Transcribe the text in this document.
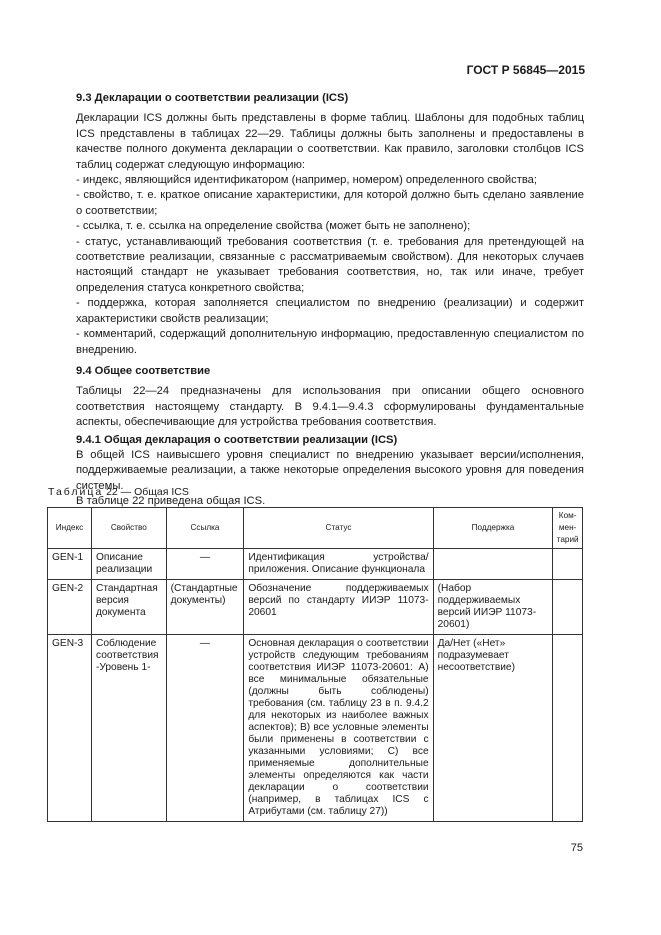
ГОСТ Р 56845—2015
9.3 Декларации о соответствии реализации (ICS)
Декларации ICS должны быть представлены в форме таблиц. Шаблоны для подобных таблиц ICS представлены в таблицах 22—29. Таблицы должны быть заполнены и предоставлены в качестве полного документа декларации о соответствии. Как правило, заголовки столбцов ICS таблиц содержат следующую информацию:
- индекс, являющийся идентификатором (например, номером) определенного свойства;
- свойство, т. е. краткое описание характеристики, для которой должно быть сделано заявление о соответствии;
- ссылка, т. е. ссылка на определение свойства (может быть не заполнено);
- статус, устанавливающий требования соответствия (т. е. требования для претендующей на соответствие реализации, связанные с рассматриваемым свойством). Для некоторых случаев настоящий стандарт не указывает требования соответствия, но, так или иначе, требует определения статуса конкретного свойства;
- поддержка, которая заполняется специалистом по внедрению (реализации) и содержит характеристики свойств реализации;
- комментарий, содержащий дополнительную информацию, предоставленную специалистом по внедрению.
9.4 Общее соответствие
Таблицы 22—24 предназначены для использования при описании общего основного соответствия настоящему стандарту. В 9.4.1—9.4.3 сформулированы фундаментальные аспекты, обеспечивающие для устройства требования соответствия.
9.4.1 Общая декларация о соответствии реализации (ICS)
В общей ICS наивысшего уровня специалист по внедрению указывает версии/исполнения, поддерживаемые реализации, а также некоторые определения высокого уровня для поведения системы.
В таблице 22 приведена общая ICS.
Таблица 22 — Общая ICS
Индекс	Свойство	Ссылка	Статус	Поддержка	Ком-
мен-
тарий
GEN-1	Описание реализации	—	Идентификация устройства/приложения. Описание функционала		
GEN-2	Стандартная версия документа	(Стандартные документы)	Обозначение поддерживаемых версий по стандарту ИИЭР 11073-20601	(Набор поддерживаемых версий ИИЭР 11073-20601)	
GEN-3	Соблюдение соответствия -Уровень 1-	—	Основная декларация о соответствии устройств следующим требованиям соответствия ИИЭР 11073-20601: А) все минимальные обязательные (должны быть соблюдены) требования (см. таблицу 23 в п. 9.4.2 для некоторых из наиболее важных аспектов); В) все условные элементы были применены в соответствии с указанными условиями; С) все применяемые дополнительные элементы определяются как части декларации о соответствии (например, в таблицах ICS с Атрибутами (см. таблицу 27))	Да/Нет («Нет» подразумевает несоответствие)	
75
